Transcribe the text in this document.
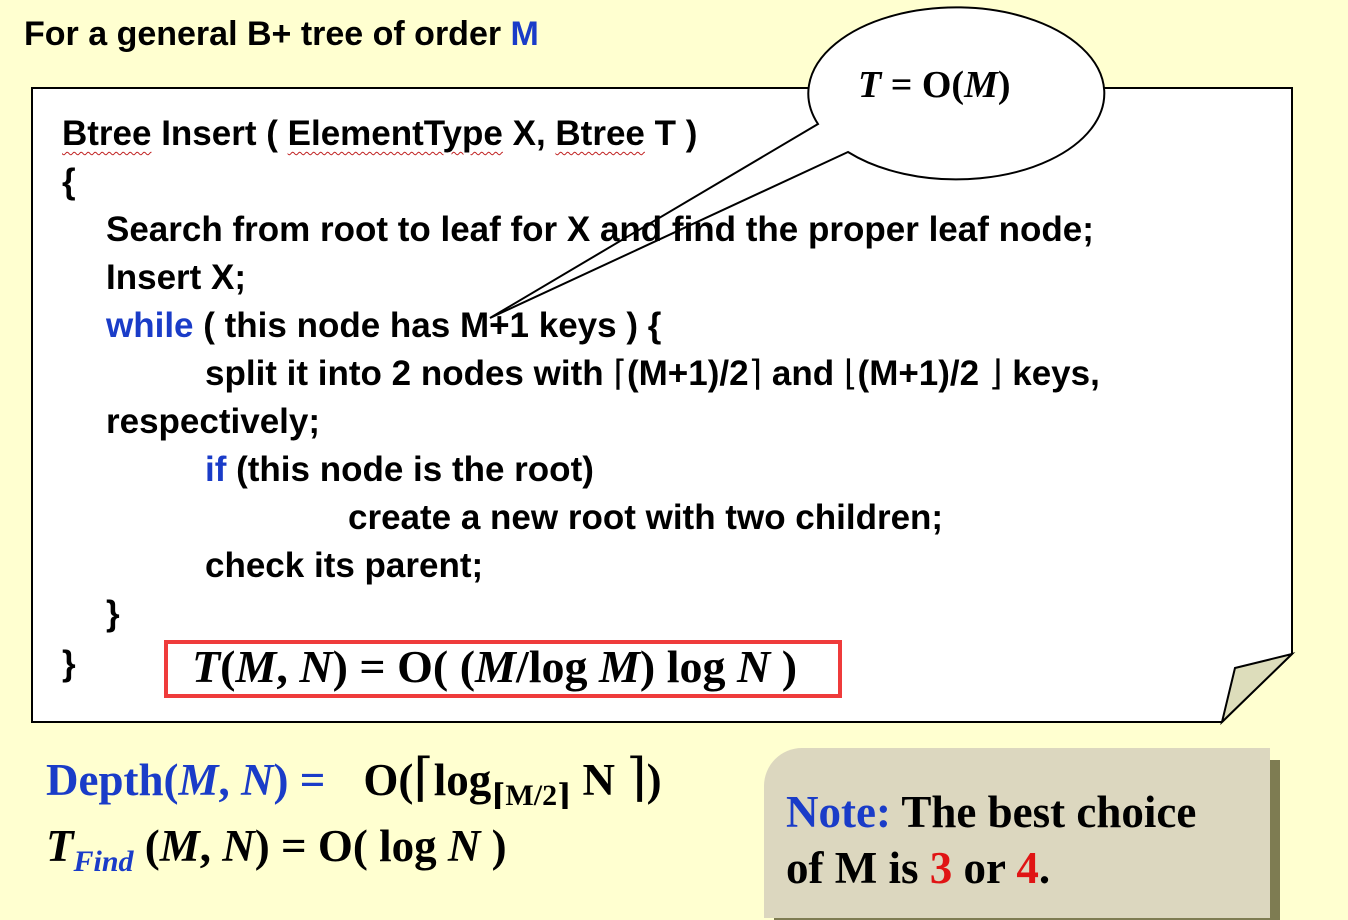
For a general B+ tree of order M
T = O(M)
Btree Insert ( ElementType X, Btree T )
{
Search from root to leaf for X and find the proper leaf node;
Insert X;
while ( this node has M+1 keys ) {
split it into 2 nodes with ⌈(M+1)/2⌉ and ⌊(M+1)/2 ⌋ keys,
respectively;
if (this node is the root)
create a new root with two children;
check its parent;
}
}	T(M, N) = O( (M/log M) log N )
Depth(M, $N) = O(⌈\log_{⌈M/2⌉}$ N ⌉)
$T_{Find}$ (M, N) = O( log N )
Note: The best choice
of M is 3 or 4.
